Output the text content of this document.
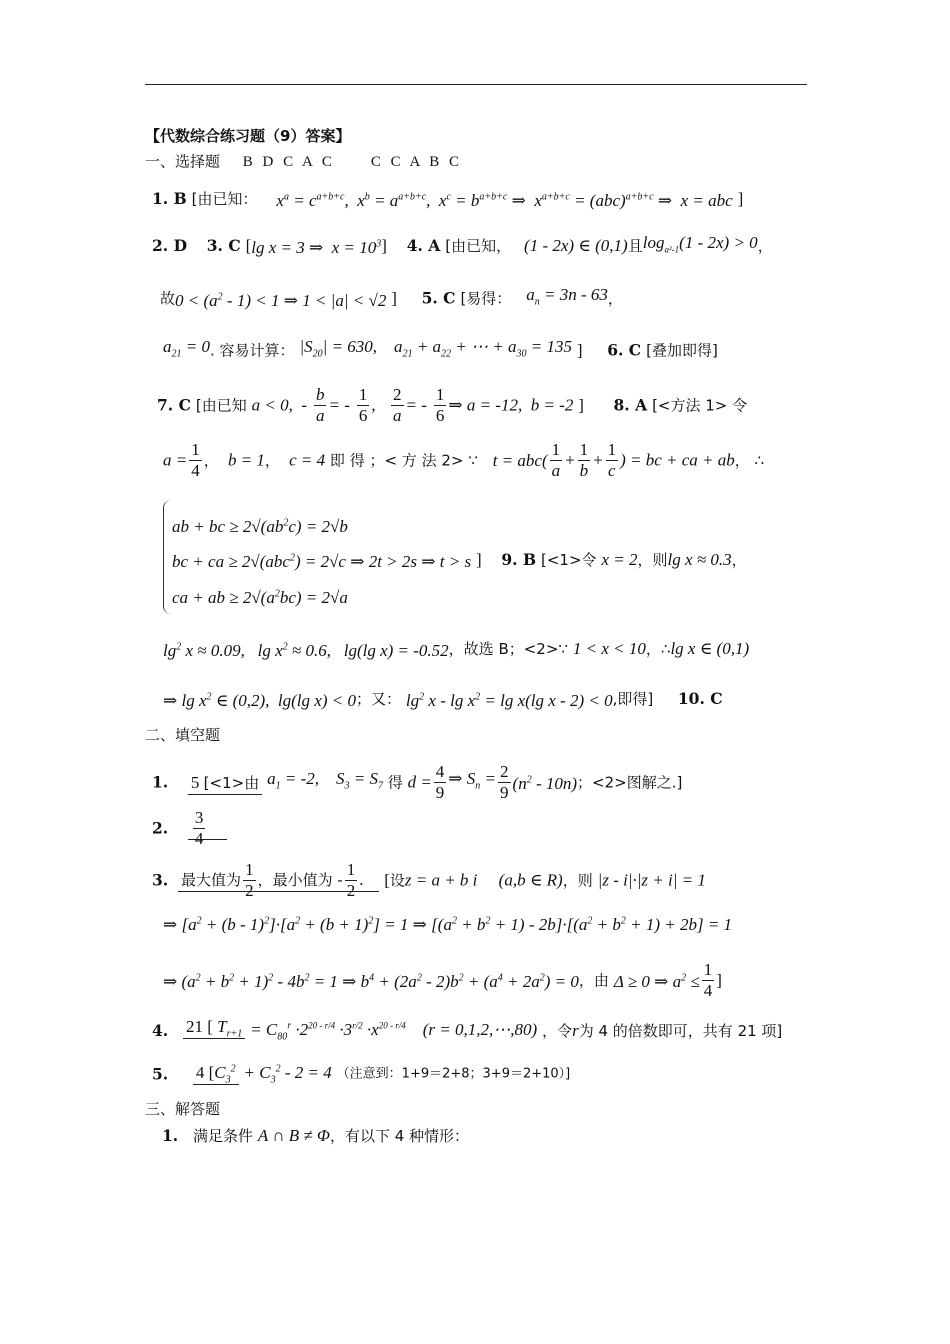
【代数综合练习题（9）答案】
一、选择题 B D C A C　　C C A B C
1. B [由已知： $x^a = c^{a+b+c}$,  $x^b = a^{a+b+c}$,  $x^c = b^{a+b+c}$ ⇒  $x^{a+b+c} = (abc)^{a+b+c}$ ⇒  x = abc ]
2. D 3. C [lg x = 3 ⇒  $x = 10^3$] 4. A [由已知， (1 - 2x) ∈ (0,1)且$\log_{a^2-1}(1 - 2x) > 0$，
故$0 < (a^2 - 1) < 1$ ⇒ 1 < |a| < √2 ] 5. C [易得： $a_n = 3n - 63$，
$a_{21} = 0$. 容易计算： $|S_{20}| = 630$,    $a_{21} + a_{22}$ + ⋯ + $a_{30} = 135$ ] 6. C [叠加即得]
7. C [由已知 a < 0,  - $\frac{b}{a}$ = - $\frac{1}{6}$ , $\frac{2}{a}$ = - $\frac{1}{6}$ ⇒ a = -12,  b = -2 ] 8. A [<方法 1> 令
$a = \frac{1}{4}$ ，  b = 1，  c = 4 即 得 ；< 方 法 2> ∵ $t = abc( \frac{1}{a} + \frac{1}{b} + \frac{1}{c}$ ) = bc + ca + ab， ∴
ab + bc ≥ $2√(ab^2c) = 2√b$
bc + ca ≥ 2√(abc$^2$) = 2√c ⇒ 2t > 2s ⇒ t > s ] 9. B [<1>令 x = 2，则lg x ≈ 0.3，
ca + ab ≥ $2√(a^2bc) = 2√a$
$\lg^2 x \approx 0.09$,   $\lg x^2 \approx 0.6$,   lg(lg x) = -0.52，故选 B；<2>∵ 1 < x < 10，∴lg x ∈ (0,1)
⇒ $\lg x^2$ ∈ (0,2),  lg(lg x) < 0；又： $\lg^2 x - \lg x^2 = \lg x(\lg$ x - 2) < 0,即得] 10. C
二、填空题
1. 5 [<1>由 $a_1 = -2$,    $S_3 = S_7$ 得 $d = \frac{4}{9}$ ⇒ $S_n = \frac{2}{9} (n^2 - 10n)$；<2>图解之.]
2. $\frac{3}{4}$
3. 最大值为 $\frac{1}{2}$ ，最小值为 - $\frac{1}{2}$ .    [设z = a + b i     (a,b ∈ R)，则 |z - i|·|z + i| = 1
⇒ $[a^2 + (b - 1)^2]\cdot[a^2 + (b + 1)^2] = 1$ ⇒ $[(a^2 + b^2 + 1) - 2b]\cdot[(a^2 + b^2 + 1) + 2b] = 1$
⇒ $(a^2 + b^2 + 1)^2 - 4b^2 = 1$ ⇒ $b^4 + (2a^2 - 2)b^2 + (a^4 + 2a^2) = 0$，由 Δ ≥ 0 ⇒ $a^2 \le \frac{1}{4}$ ]
4. 21 [ $T_{r+1} = C_{80}^r \cdot 2^{20 - r/4} \cdot 3^{r/2} \cdot x^{20 - r/4}$    (r = 0,1,2,⋯,80) ，令r为 4 的倍数即可，共有 21 项]
5. 4 [$C_3^2 + C_3^2 - 2 = 4$ （注意到：1+9＝2+8；3+9＝2+10）]
三、解答题
1. 满足条件 A ∩ B ≠ Φ，有以下 4 种情形：
